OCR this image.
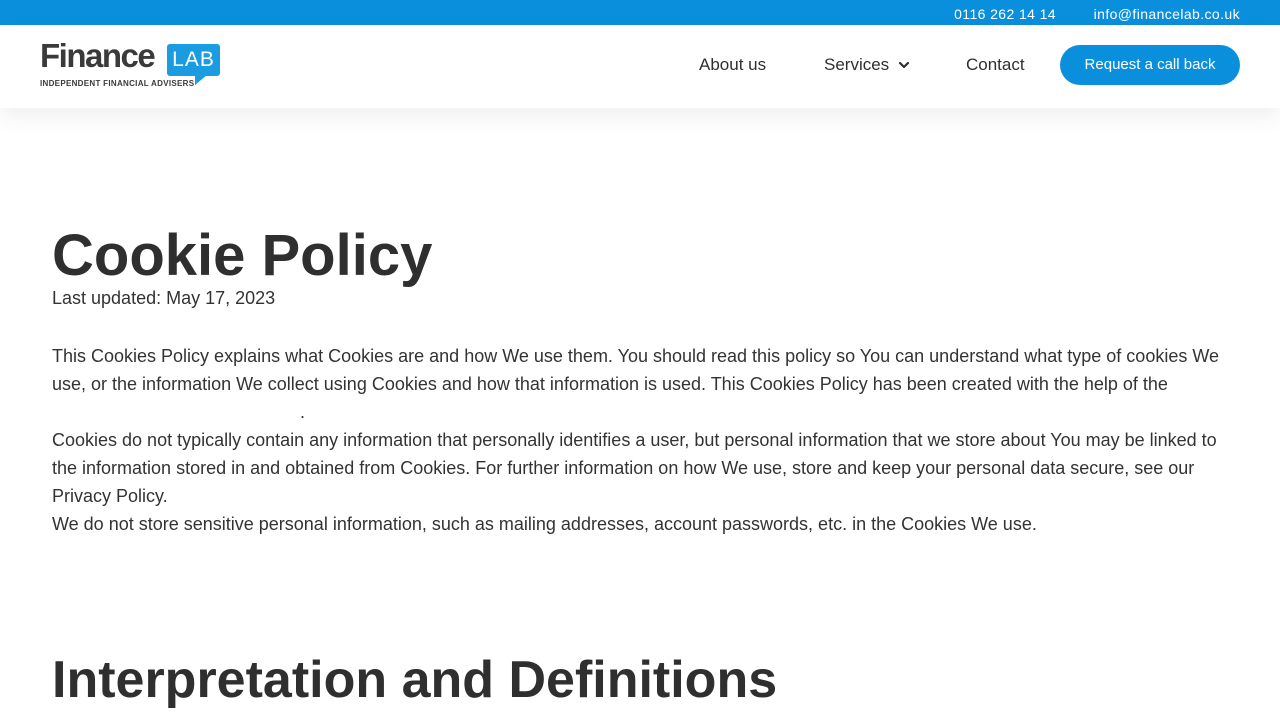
0116 262 14 14	info@financelab.co.uk
Finance LAB
INDEPENDENT FINANCIAL ADVISERS
About us	Services	Contact	Request a call back
Cookie Policy
Last updated: May 17, 2023

This Cookies Policy explains what Cookies are and how We use them. You should read this policy so You can understand what type of cookies We use, or the information We collect using Cookies and how that information is used. This Cookies Policy has been created with the help of the .

Cookies do not typically contain any information that personally identifies a user, but personal information that we store about You may be linked to the information stored in and obtained from Cookies. For further information on how We use, store and keep your personal data secure, see our Privacy Policy.

We do not store sensitive personal information, such as mailing addresses, account passwords, etc. in the Cookies We use.

Interpretation and Definitions
